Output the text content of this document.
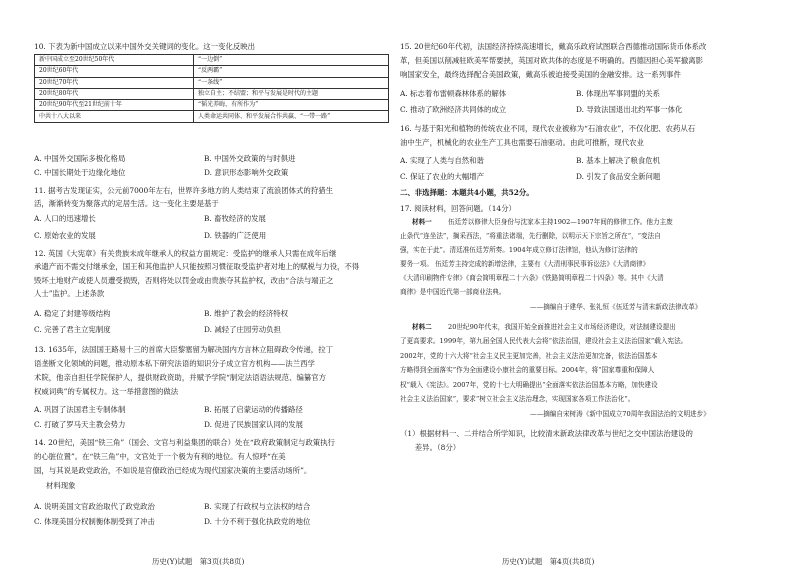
10. 下表为新中国成立以来中国外交关键词的变化。这一变化反映出
新中国成立至20世纪50年代	“一边倒”
20世纪60年代	“反两霸”
20世纪70年代	“一条线”
20世纪80年代	独立自主；不结盟；和平与发展是时代的主题
20世纪90年代至21世纪前十年	“韬光养晦，有所作为”
中共十八大以来	人类命运共同体、和平发展合作共赢、“一带一路”
A. 中国外交国际多极化格局	B. 中国外交政策的与时俱进
C. 中国长期处于边缘化地位	D. 意识形态影响外交政策
11. 据考古发现证实，公元前7000年左右，世界许多地方的人类结束了流浪团体式的狩猎生
活，渐渐转变为聚落式的定居生活。这一变化主要是基于
A. 人口的迅速增长	B. 畜牧经济的发展
C. 原始农业的发展	D. 铁器的广泛使用
12. 英国《大宪章》有关贵族未成年继承人的权益方面规定：受监护的继承人只需在成年后继
承遗产而不需交付继承金，国王和其他监护人只能按照习惯征取受监护者对地上的赋税与力役，不得
毁坏土地财产或使人员遭受损毁，否则将处以罚金或由贵族夺其监护权，改由“合法与端正之
人士”监护。上述条款
A. 稳定了封建等级结构	B. 维护了教会的经济特权
C. 完善了君主立宪制度	D. 减轻了庄园劳动负担
13. 1635年，法国国王路易十三的首席大臣黎塞留为解决国内方言林立阻碍政令传递，拉丁
语垄断文化领域的问题，推动原本私下研究法语的知识分子成立官方机构——法兰西学
术院，他亲自担任学院保护人，提供财政资助，并赋予学院“制定法语语法规范、编纂官方
权威词典”的专属权力。这一举措意图的做法
A. 巩固了法国君主专制体制	B. 拓展了启蒙运动的传播路径
C. 打破了罗马天主教会势力	D. 促进了民族国家认同的发展
14. 20世纪，美国“铁三角”（国会、文官与利益集团的联合）处在“政府政策制定与政策执行
的心脏位置”。在“铁三角”中，文官处于一个极为有利的地位。有人惊呼“在美
国，与其说是政党政治，不如说是官僚政治已经成为现代国家决策的主要活动场所”。
材料现象
A. 说明美国文官政治取代了政党政治	B. 实现了行政权与立法权的结合
C. 体现美国分权制衡体制受到了冲击	D. 十分不利于强化执政党的地位
历史(Y)试题　第3页(共8页)
15. 20世纪60年代初，法国经济持续高速增长，戴高乐政府试图联合西德推动国际货币体系改
革，但美国以削减驻欧美军帮要挟，英国对欧共体的态度是不明确的。西德因担心美军撤离影
响国家安全，最终选择配合美国政策，戴高乐被迫接受美国的金融安排。这一系列事件
A. 标志着布雷顿森林体系的解体	B. 体现出军事同盟的关系
C. 推动了欧洲经济共同体的成立	D. 导致法国退出北约军事一体化
16. 与基于阳光和植物的传统农业不同，现代农业被称为“石油农业”，不仅化肥、农药从石
油中生产，机械化的农业生产工具也需要石油驱动。由此可推断，现代农业
A. 实现了人类与自然和谐	B. 基本上解决了粮食危机
C. 保证了农业的大幅增产	D. 引发了食品安全新问题
二、非选择题：本题共4小题，共52分。
17. 阅读材料，回答问题。（14分）
材料一 伍廷芳以修律大臣身份与沈家本主持1902—1907年间的修律工作。他力主废
止条代“连坐法”，搁采西法，“将重法诸端，先行删除，以明示天下宗旨之所在”，“变法自
强，实在于此”。清廷准伍廷芳所奏。1904年成立修订法律馆，他认为修订法律的
要务一项。 伍廷芳主持完成的新增法律，主要有《大清刑事民事诉讼法》《大清商律》
《大清印刷物件专律》《商会简明章程二十六条》《铁路简明章程二十四条》等。其中《大清
商律》是中国近代第一部商业法典。
——摘编自于建华、张礼恒《伍廷芳与清末新政法律改革》
材料二 20世纪90年代末，我国开始全面推进社会主义市场经济建设，对法制建设提出
了更高要求。1999年，第九届全国人民代表大会将“依法治国，建设社会主义法治国家”载入宪法。
2002年，党的十六大将“社会主义民主更加完善，社会主义法治更加完备，依法治国基本
方略得到全面落实”作为全面建设小康社会的重要目标。2004年，将“国家尊重和保障人
权”载入《宪法》。2007年，党的十七大明确提出“全面落实依法治国基本方略，加快建设
社会主义法治国家”，要求“树立社会主义法治理念，实现国家各项工作法治化”。
——摘编自宋树涛《新中国成立70周年我国法治的文明进步》
（1）根据材料一、二并结合所学知识，比较清末新政法律改革与世纪之交中国法治建设的
　　差异。（8分）
历史(Y)试题　第4页(共8页)
